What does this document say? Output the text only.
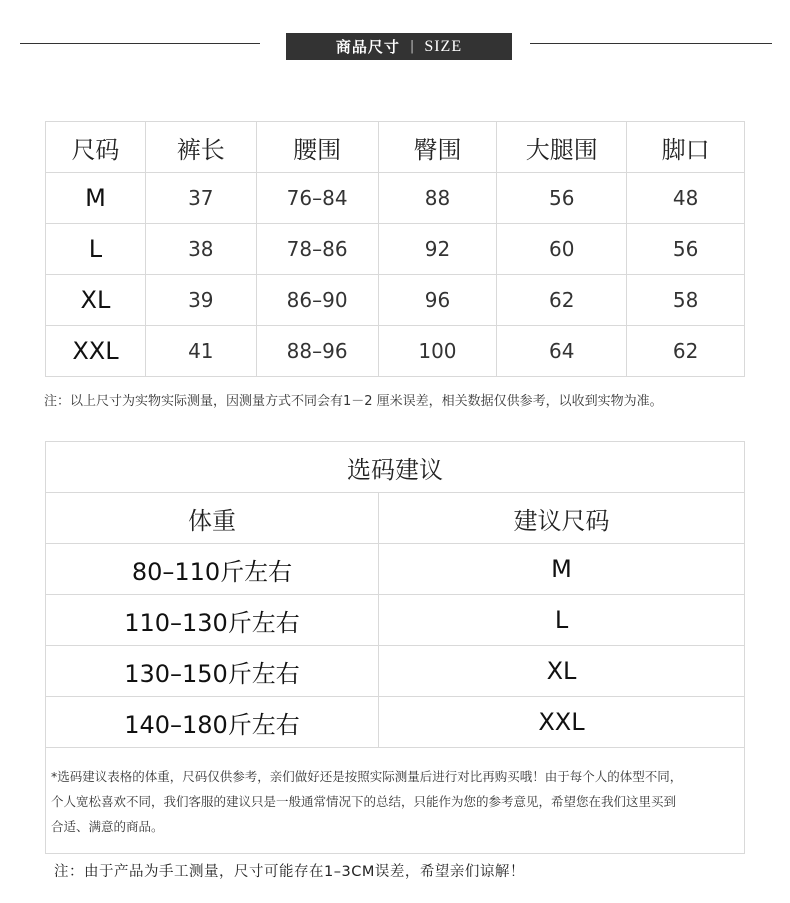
商品尺寸 | SIZE
尺码	裤长	腰围	臀围	大腿围	脚口
M	37	76–84	88	56	48
L	38	78–86	92	60	56
XL	39	86–90	96	62	58
XXL	41	88–96	100	64	62
注：以上尺寸为实物实际测量，因测量方式不同会有1－2 厘米误差，相关数据仅供参考，以收到实物为准。
选码建议	
体重	建议尺码
80–110斤左右	M
110–130斤左右	L
130–150斤左右	XL
140–180斤左右	XXL

*选码建议表格的体重，尺码仅供参考，亲们做好还是按照实际测量后进行对比再购买哦！由于每个人的体型不同，
个人宽松喜欢不同，我们客服的建议只是一般通常情况下的总结，只能作为您的参考意见，希望您在我们这里买到
合适、满意的商品。	
注：由于产品为手工测量，尺寸可能存在1–3CM误差，希望亲们谅解！
